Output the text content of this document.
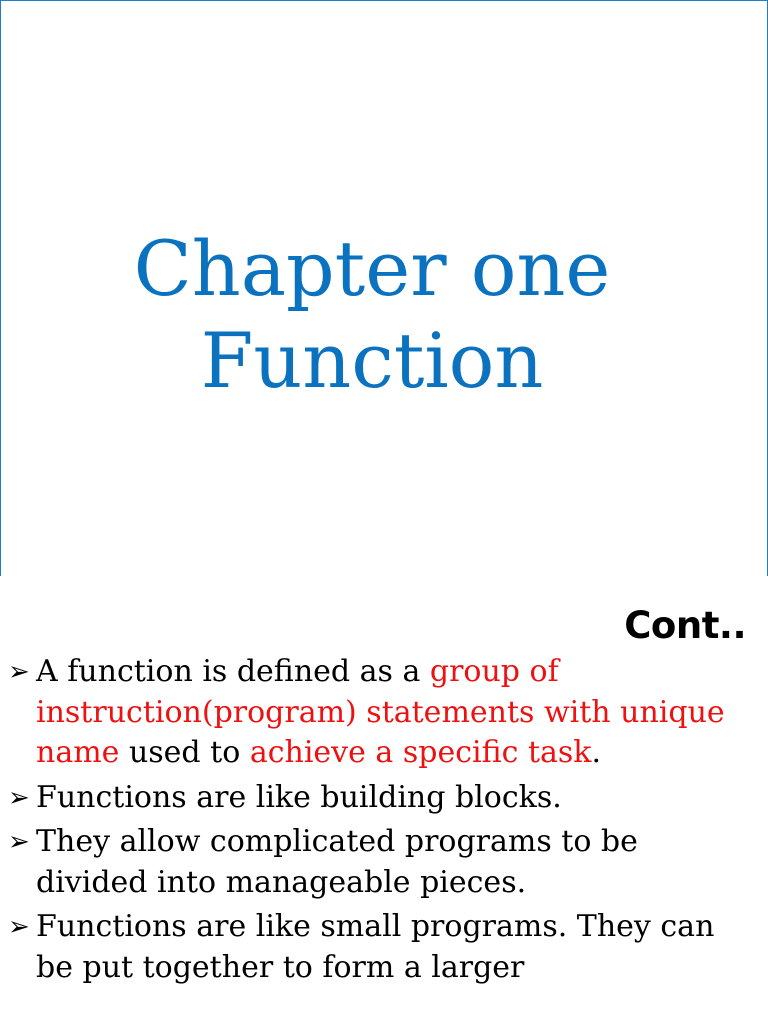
Chapter one
Function
Cont..
➢ A function is defined as a group of instruction(program) statements with unique name used to achieve a specific task.
➢ Functions are like building blocks.
➢ They allow complicated programs to be divided into manageable pieces.
➢ Functions are like small programs. They can be put together to form a larger
